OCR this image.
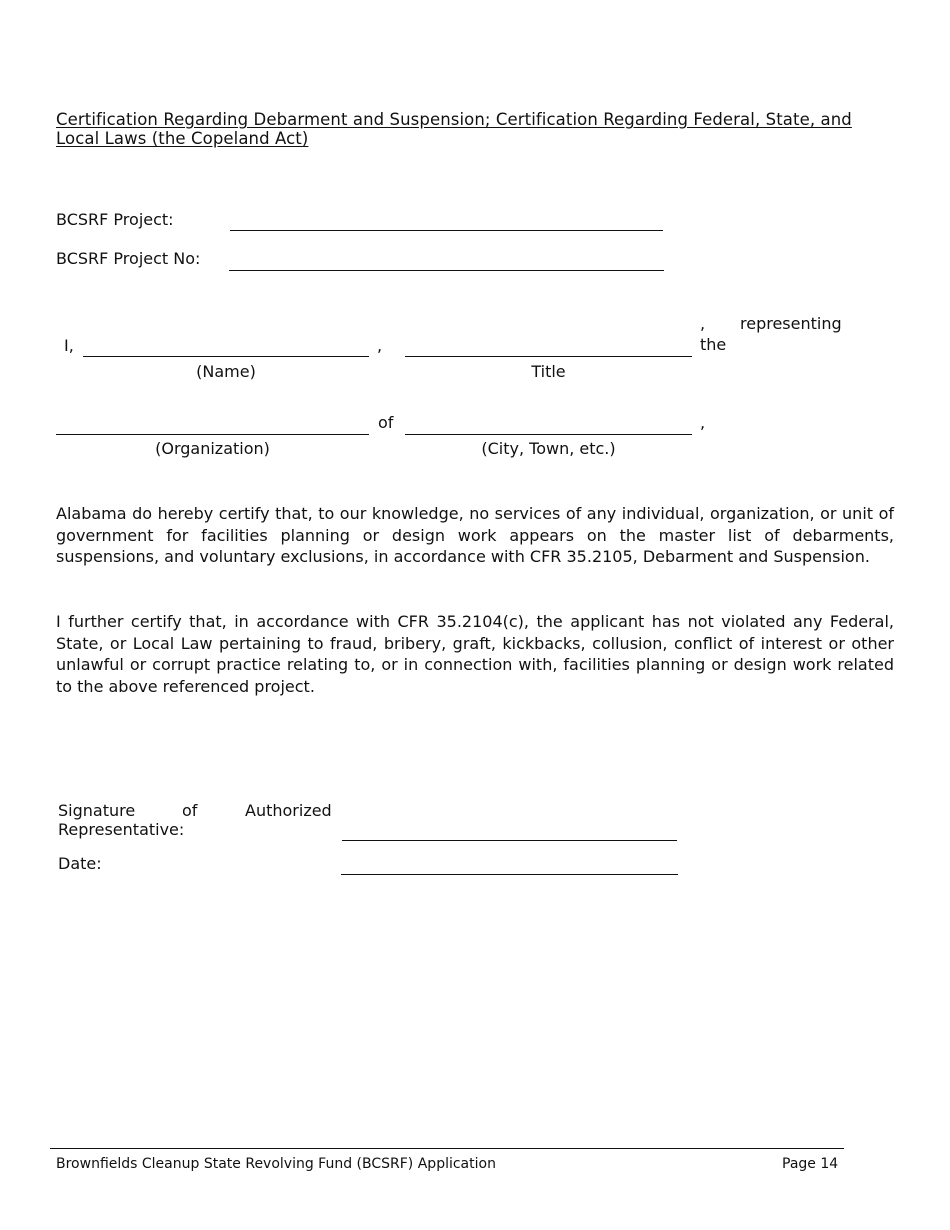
Certification Regarding Debarment and Suspension; Certification Regarding Federal, State, and Local Laws (the Copeland Act)
BCSRF Project:
BCSRF Project No:
I,	,
, representing
the
(Name)	Title
of	,
(Organization)	(City, Town, etc.)
Alabama do hereby certify that, to our knowledge, no services of any individual, organization, or unit of government for facilities planning or design work appears on the master list of debarments, suspensions, and voluntary exclusions, in accordance with CFR 35.2105, Debarment and Suspension.
I further certify that, in accordance with CFR 35.2104(c), the applicant has not violated any Federal, State, or Local Law pertaining to fraud, bribery, graft, kickbacks, collusion, conflict of interest or other unlawful or corrupt practice relating to, or in connection with, facilities planning or design work related to the above referenced project.
Signature	of	Authorized
Representative:
Date:
Brownfields Cleanup State Revolving Fund (BCSRF) Application	Page 14
